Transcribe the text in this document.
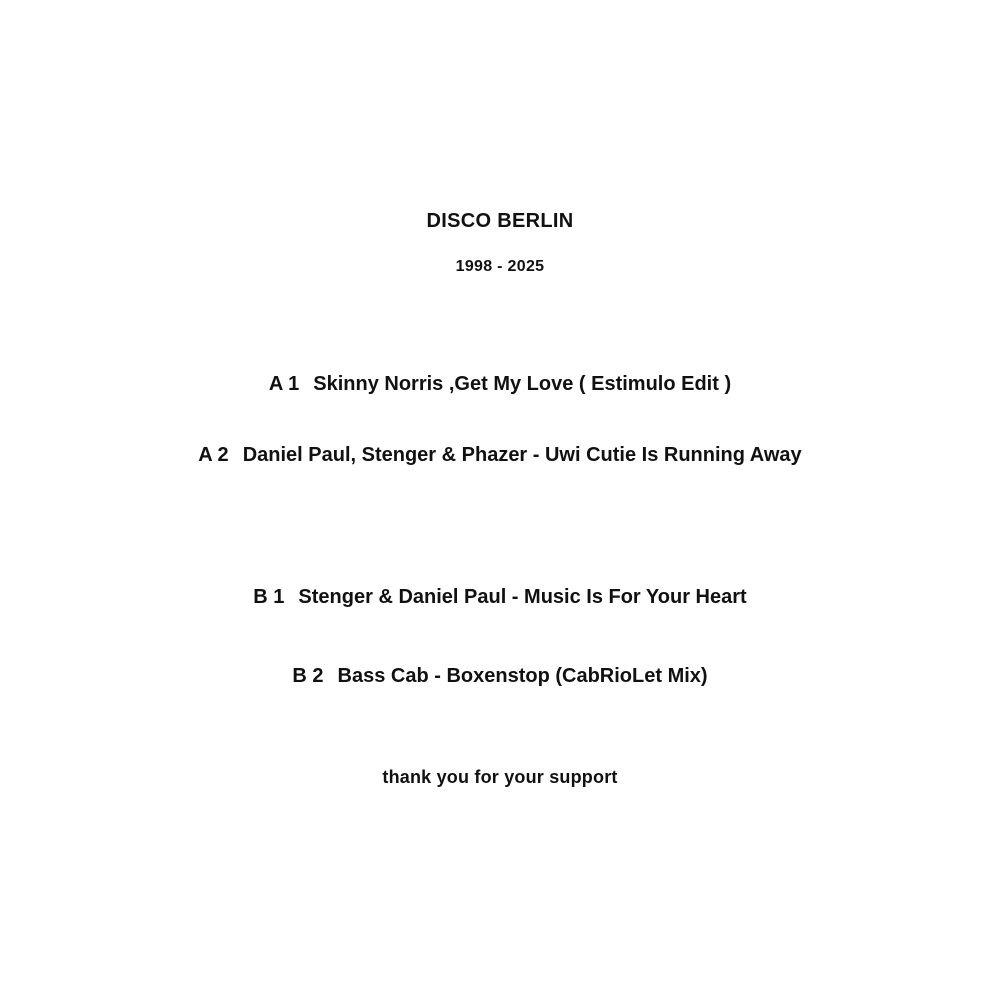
DISCO BERLIN
1998 - 2025
A 1 Skinny Norris ,Get My Love ( Estimulo Edit )
A 2 Daniel Paul, Stenger & Phazer - Uwi Cutie Is Running Away
B 1 Stenger & Daniel Paul - Music Is For Your Heart
B 2 Bass Cab - Boxenstop (CabRioLet Mix)
thank you for your support
